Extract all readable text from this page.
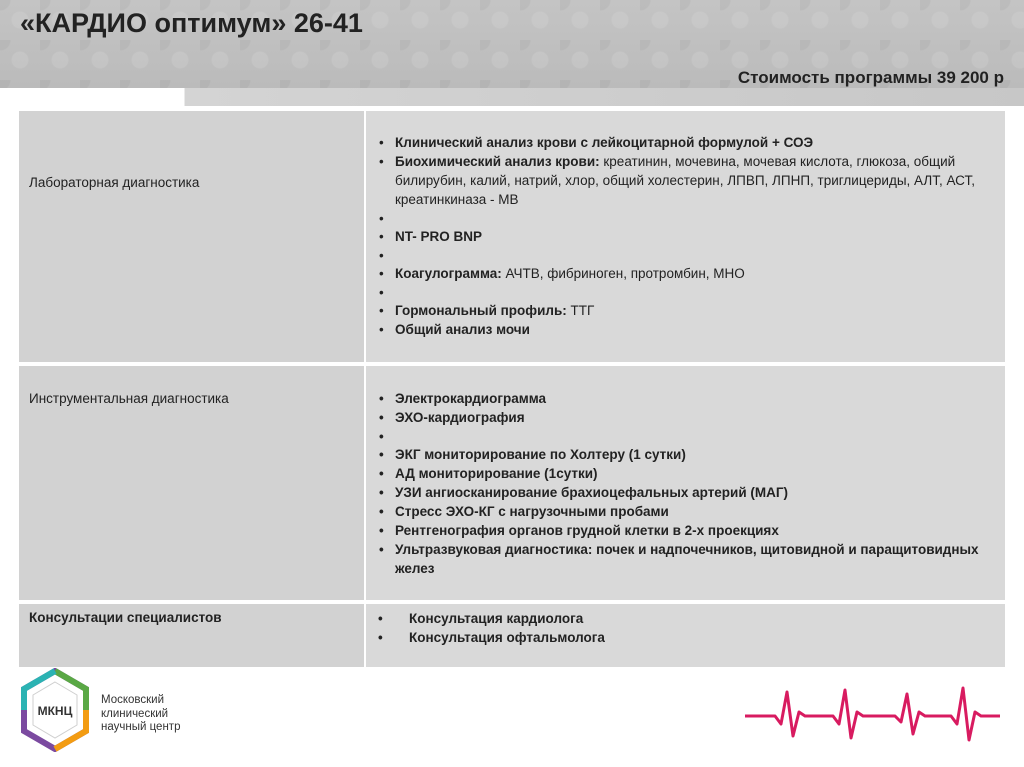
«КАРДИО оптимум» 26-41
Стоимость программы 39 200 р
Лабораторная диагностика
• Клинический анализ крови с лейкоцитарной формулой + СОЭ
• Биохимический анализ крови: креатинин, мочевина, мочевая кислота, глюкоза, общий билирубин, калий, натрий, хлор, общий холестерин, ЛПВП, ЛПНП, триглицериды, АЛТ, АСТ, креатинкиназа - МВ
•
• NT- PRO BNP
•
• Коагулограмма: АЧТВ, фибриноген, протромбин, МНО
•
• Гормональный профиль: ТТГ
• Общий анализ мочи
Инструментальная диагностика	• Электрокардиограмма
• ЭХО-кардиография
•
• ЭКГ мониторирование по Холтеру (1 сутки)
• АД мониторирование (1сутки)
• УЗИ ангиосканирование брахиоцефальных артерий (МАГ)
• Стресс ЭХО-КГ с нагрузочными пробами
• Рентгенография органов грудной клетки в 2-х проекциях
• Ультразвуковая диагностика: почек и надпочечников, щитовидной и паращитовидных желез
Консультации специалистов	• Консультация кардиолога
• Консультация офтальмолога
МКНЦ
Московский
клинический
научный центр
